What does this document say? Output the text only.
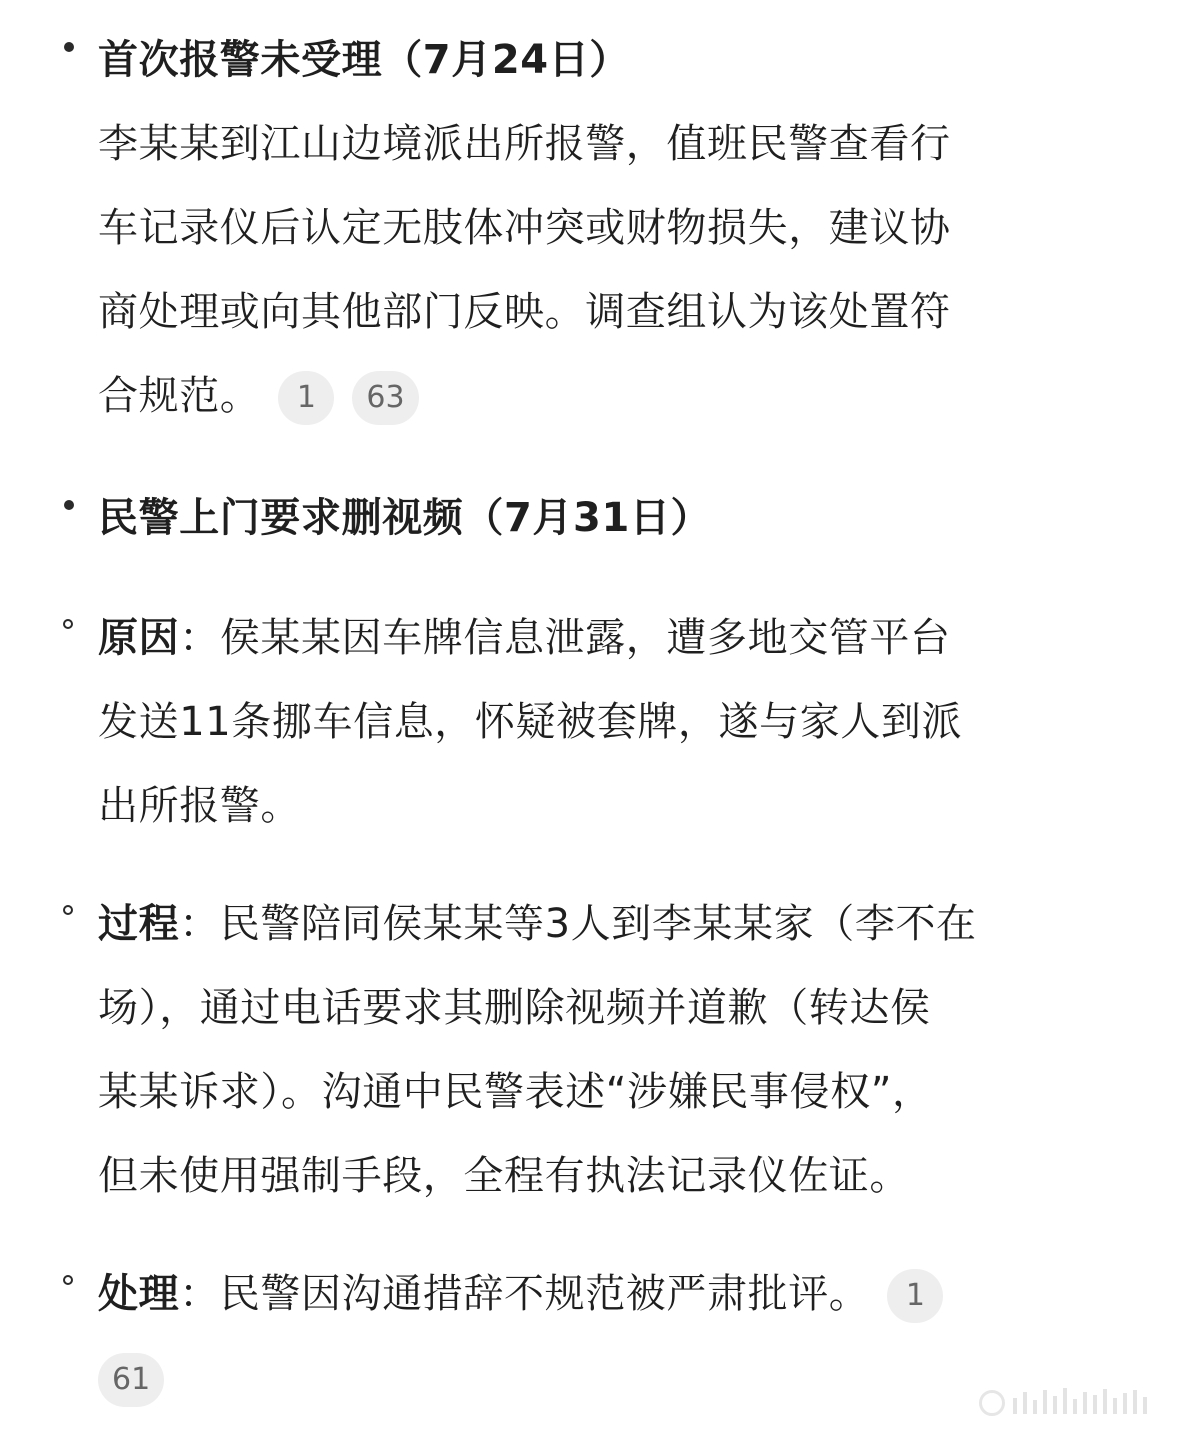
首次报警未受理（7月24日）
李某某到江山边境派出所报警，值班民警查看行
车记录仪后认定无肢体冲突或财物损失，建议协
商处理或向其他部门反映。调查组认为该处置符
合规范。 1 63
民警上门要求删视频（7月31日）
原因：侯某某因车牌信息泄露，遭多地交管平台
发送11条挪车信息，怀疑被套牌，遂与家人到派
出所报警。
过程：民警陪同侯某某等3人到李某某家（李不在
场），通过电话要求其删除视频并道歉（转达侯
某某诉求）。沟通中民警表述“涉嫌民事侵权”，
但未使用强制手段，全程有执法记录仪佐证。
处理：民警因沟通措辞不规范被严肃批评。 1
61
